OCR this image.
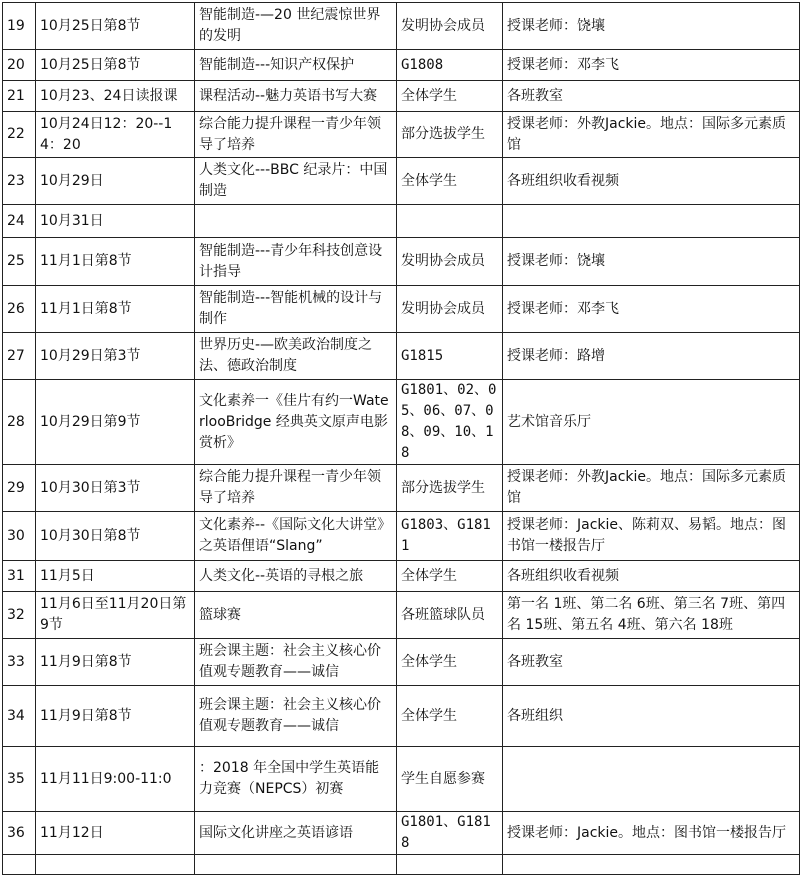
19	10月25日第8节	智能制造-—20 世纪震惊世界的发明	发明协会成员	授课老师：饶壤
20	10月25日第8节	智能制造---知识产权保护	G1808	授课老师：邓李飞
21	10月23、24日读报课	课程活动--魅力英语书写大赛	全体学生	各班教室
22	10月24日12：20--14：20	综合能力提升课程一青少年领导了培养	部分选拔学生	授课老师：外教Jackie。地点：国际多元素质馆
23	10月29日	人类文化---BBC 纪录片：中国制造	全体学生	各班组织收看视频
24	10月31日			
25	11月1日第8节	智能制造---青少年科技创意设计指导	发明协会成员	授课老师：饶壤
26	11月1日第8节	智能制造---智能机械的设计与制作	发明协会成员	授课老师：邓李飞
27	10月29日第3节	世界历史-—欧美政治制度之法、德政治制度	G1815	授课老师：路增
28	10月29日第9节	文化素养一《佳片有约一WaterlooBridge 经典英文原声电影赏析》	G1801、02、05、06、07、08、09、10、18	艺术馆音乐厅
29	10月30日第3节	综合能力提升课程一青少年领导了培养	部分选拔学生	授课老师：外教Jackie。地点：国际多元素质馆
30	10月30日第8节	文化素养--《国际文化大讲堂》之英语俚语“Slang”	G1803、G1811	授课老师：Jackie、陈莉双、易韬。地点：图书馆一楼报告厅
31	11月5日	人类文化--英语的寻根之旅	全体学生	各班组织收看视频
32	11月6日至11月20日第9节	篮球赛	各班篮球队员	第一名 1班、第二名 6班、第三名 7班、第四名 15班、第五名 4班、第六名 18班
33	11月9日第8节	班会课主题：社会主义核心价值观专题教育——诚信	全体学生	各班教室
34	11月9日第8节	班会课主题：社会主义核心价值观专题教育——诚信	全体学生	各班组织
35	11月11日9:00-11:0	：2018 年全国中学生英语能力竞赛（NEPCS）初赛	学生自愿参赛	
36	11月12日	国际文化讲座之英语谚语	G1801、G1818	授课老师：Jackie。地点：图书馆一楼报告厅
